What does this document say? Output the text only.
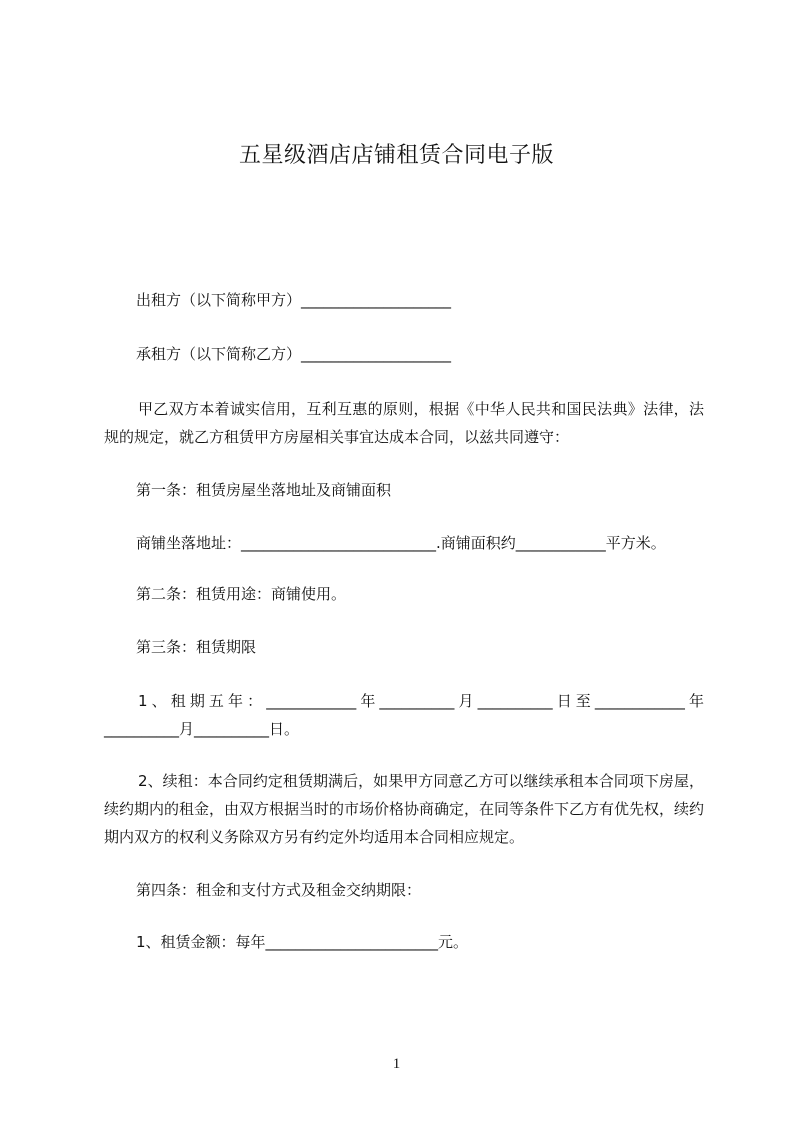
五星级酒店店铺租赁合同电子版
出租方（以下简称甲方）____________________
承租方（以下简称乙方）____________________
甲乙双方本着诚实信用，互利互惠的原则，根据《中华人民共和国民法典》法律，法规的规定，就乙方租赁甲方房屋相关事宜达成本合同，以兹共同遵守：
第一条：租赁房屋坐落地址及商铺面积
商铺坐落地址：__________________________.商铺面积约____________平方米。
第二条：租赁用途：商铺使用。
第三条：租赁期限
1、租期五年：____________年__________月__________日至____________年__________月__________日。
2、续租：本合同约定租赁期满后，如果甲方同意乙方可以继续承租本合同项下房屋，续约期内的租金，由双方根据当时的市场价格协商确定，在同等条件下乙方有优先权，续约期内双方的权利义务除双方另有约定外均适用本合同相应规定。
第四条：租金和支付方式及租金交纳期限：
1、租赁金额：每年_______________________元。
1
